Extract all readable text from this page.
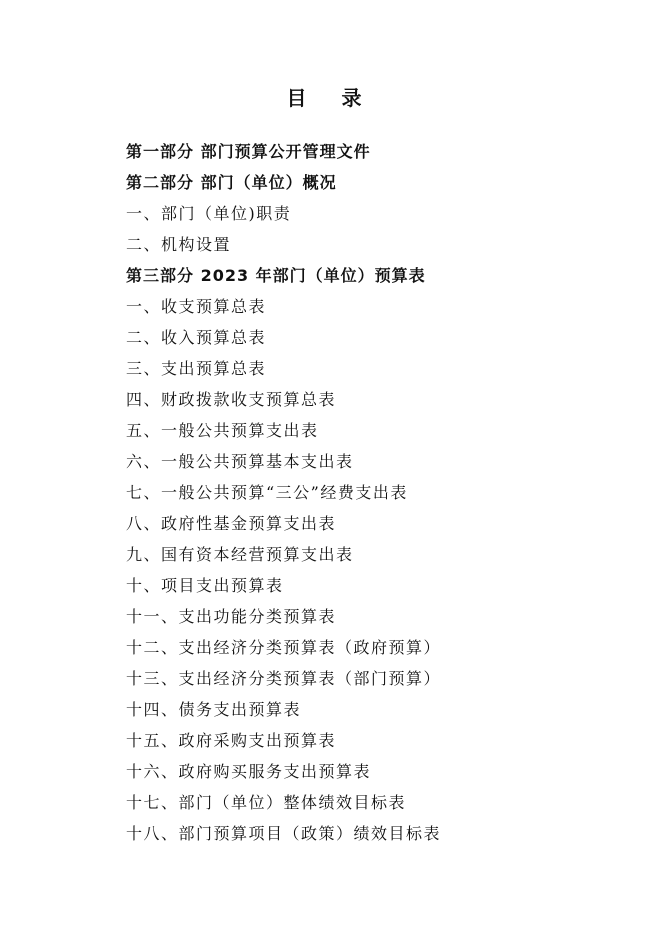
目 录
第一部分 部门预算公开管理文件
第二部分 部门（单位）概况
一、部门（单位)职责
二、机构设置
第三部分 2023 年部门（单位）预算表
一、收支预算总表
二、收入预算总表
三、支出预算总表
四、财政拨款收支预算总表
五、一般公共预算支出表
六、一般公共预算基本支出表
七、一般公共预算“三公”经费支出表
八、政府性基金预算支出表
九、国有资本经营预算支出表
十、项目支出预算表
十一、支出功能分类预算表
十二、支出经济分类预算表（政府预算）
十三、支出经济分类预算表（部门预算）
十四、债务支出预算表
十五、政府采购支出预算表
十六、政府购买服务支出预算表
十七、部门（单位）整体绩效目标表
十八、部门预算项目（政策）绩效目标表
